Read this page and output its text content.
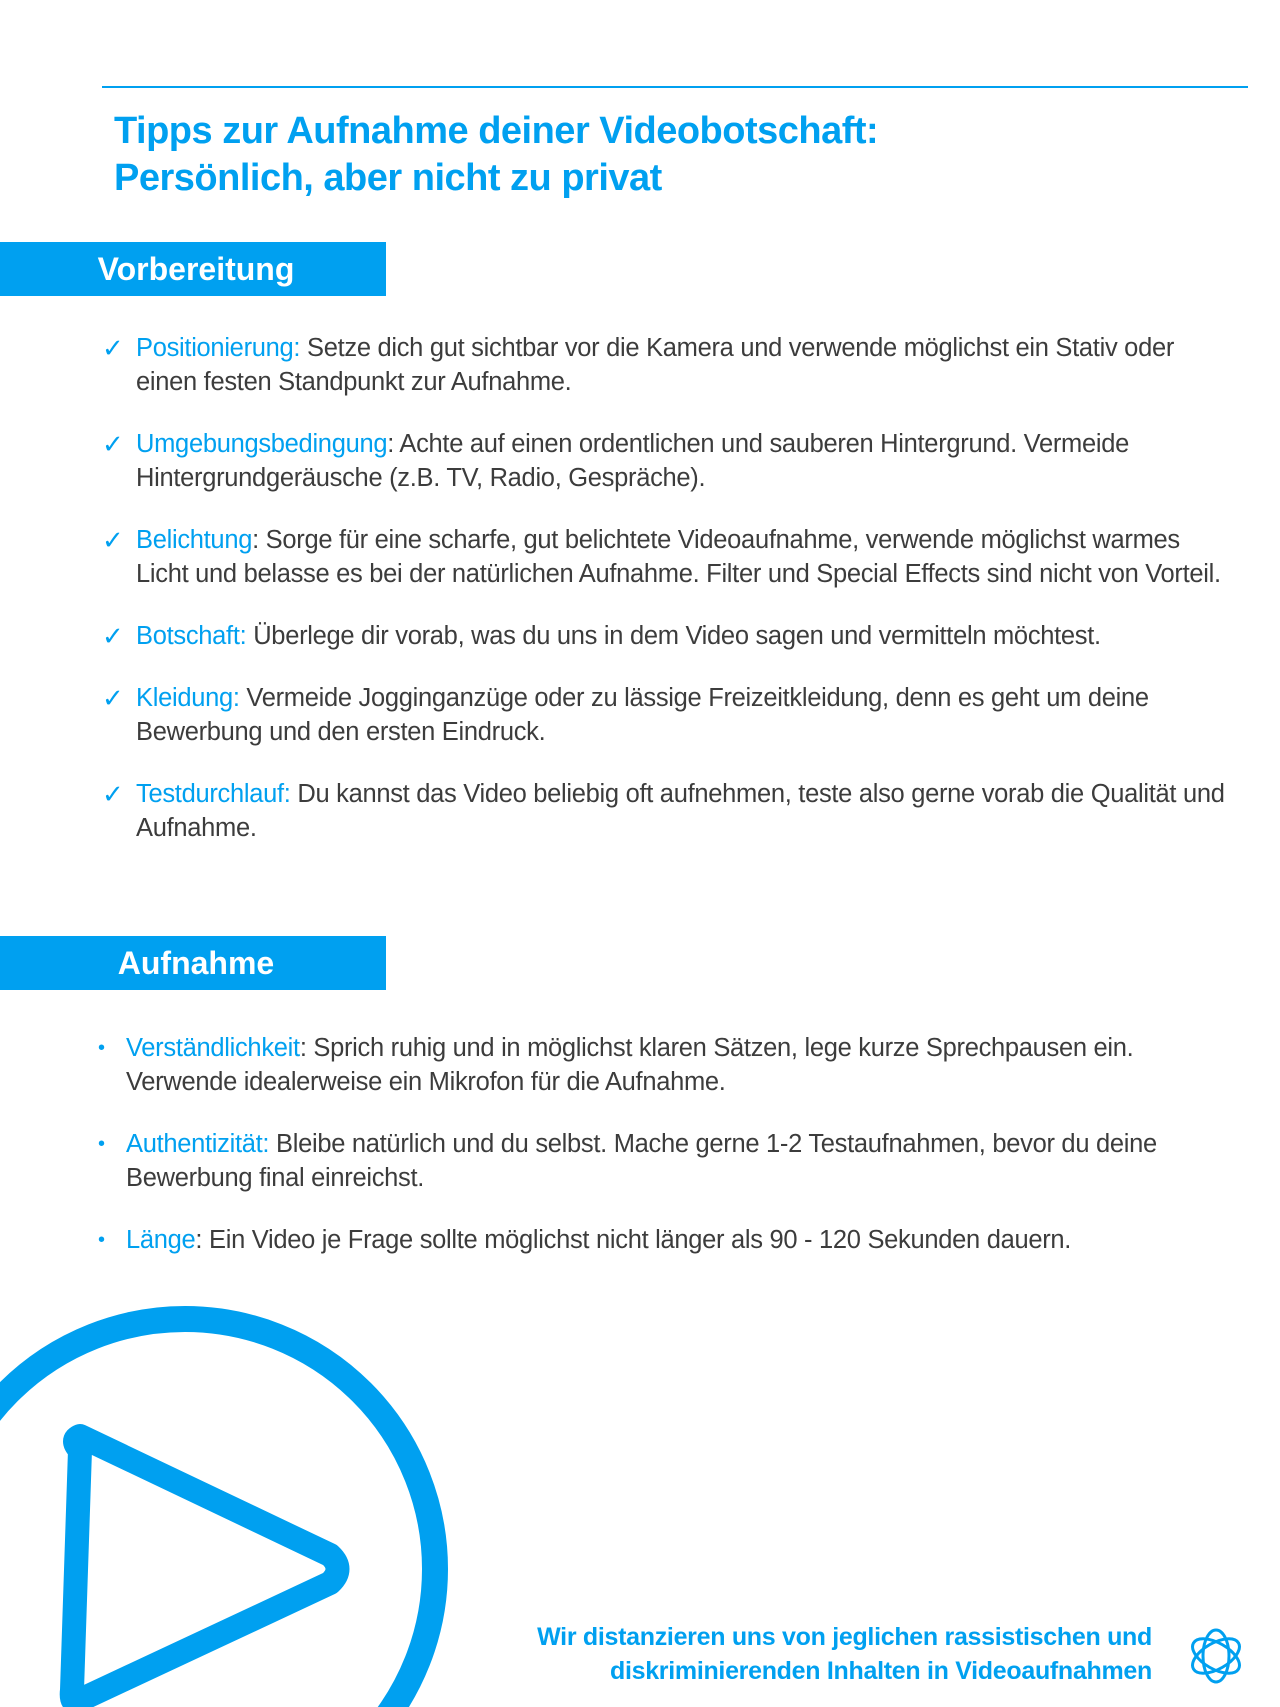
Tipps zur Aufnahme deiner Videobotschaft:
Persönlich, aber nicht zu privat
Vorbereitung
✓ Positionierung: Setze dich gut sichtbar vor die Kamera und verwende möglichst ein Stativ oder einen festen Standpunkt zur Aufnahme.
✓ Umgebungsbedingung: Achte auf einen ordentlichen und sauberen Hintergrund. Vermeide Hintergrundgeräusche (z.B. TV, Radio, Gespräche).
✓ Belichtung: Sorge für eine scharfe, gut belichtete Videoaufnahme, verwende möglichst warmes Licht und belasse es bei der natürlichen Aufnahme. Filter und Special Effects sind nicht von Vorteil.
✓ Botschaft: Überlege dir vorab, was du uns in dem Video sagen und vermitteln möchtest.
✓ Kleidung: Vermeide Jogginganzüge oder zu lässige Freizeitkleidung, denn es geht um deine Bewerbung und den ersten Eindruck.
✓ Testdurchlauf: Du kannst das Video beliebig oft aufnehmen, teste also gerne vorab die Qualität und Aufnahme.
Aufnahme
• Verständlichkeit: Sprich ruhig und in möglichst klaren Sätzen, lege kurze Sprechpausen ein. Verwende idealerweise ein Mikrofon für die Aufnahme.
• Authentizität: Bleibe natürlich und du selbst. Mache gerne 1-2 Testaufnahmen, bevor du deine Bewerbung final einreichst.
• Länge: Ein Video je Frage sollte möglichst nicht länger als 90 - 120 Sekunden dauern.
Wir distanzieren uns von jeglichen rassistischen und
diskriminierenden Inhalten in Videoaufnahmen
